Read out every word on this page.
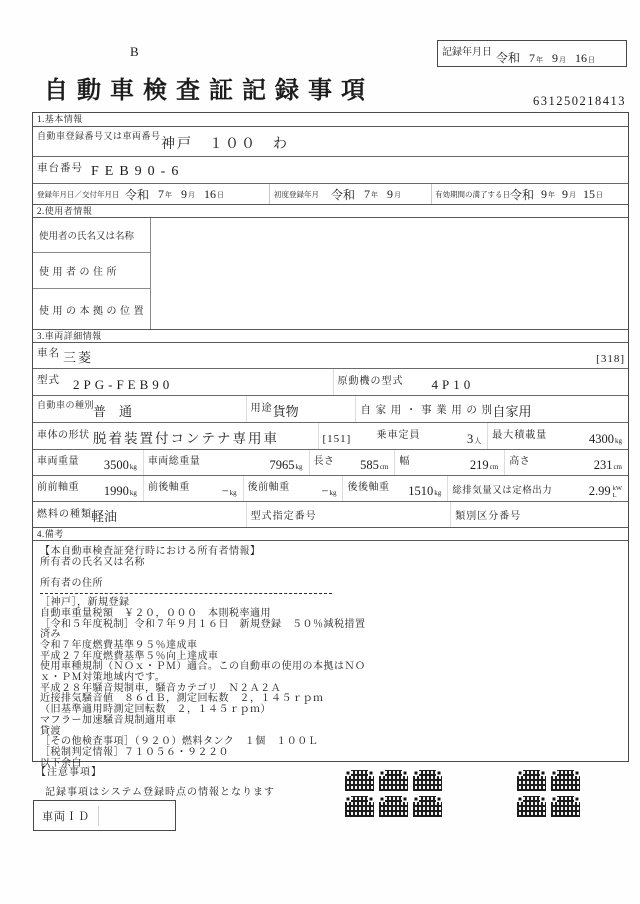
B	記録年月日 令和 7 年 9 月 16 日
自動車検査証記録事項	631250218413
1.基本情報
自動車登録番号又は車両番号
神戸　１００　わ
車台番号 FEB90-6
登録年月日／交付年月日 令和 7 年 9 月 16 日	初度登録年月 令和 7 年 9 月	有効期間の満了する日 令和 9 年 9 月 15 日
2.使用者情報
使用者の氏名又は名称
使 用 者 の 住 所
使 用 の 本 拠 の 位 置
3.車両詳細情報
車名 三菱	[318]
型式 2PG-FEB90	原動機の型式 4P10
自動車の種別
普　通	用途 貨物	自 家 用 ・ 事 業 用 の 別 自家用
車体の形状 脱着装置付コンテナ専用車	[151]	乗車定員	3人 最大積載量	4300kg
車両重量 3500kg 車両総重量	7965kg 長さ 585cm 幅	219cm 高さ	231cm
前前軸重 1990kg 前後軸重	−kg 後前軸重	−kg 後後軸重 1510kg 総排気量又は定格出力	2.99 kW
L
燃料の種類 軽油	型式指定番号	類別区分番号
4.備考
【本自動車検査証発行時における所有者情報】
所有者の氏名又は名称
所有者の住所
［神戸］，新規登録
自動車重量税額　￥２０，０００　本則税率適用
［令和５年度税制］令和７年９月１６日　新規登録　５０％減税措置
済み
令和７年度燃費基準９５％達成車
平成２７年度燃費基準５％向上達成車
使用車種規制（ＮＯｘ・ＰＭ）適合。この自動車の使用の本拠はＮＯ
ｘ・ＰＭ対策地域内です。
平成２８年騒音規制車，騒音カテゴリ　Ｎ２Ａ２Ａ
近接排気騒音値　８６ｄＢ，測定回転数　２，１４５ｒｐｍ
（旧基準適用時測定回転数　２，１４５ｒｐｍ）
マフラー加速騒音規制適用車
貸渡
［その他検査事項］（９２０）燃料タンク　１個　１００Ｌ
［税制判定情報］７１０５６・９２２０
以下余白
【注意事項】
記録事項はシステム登録時点の情報となります
車両ＩＤ
